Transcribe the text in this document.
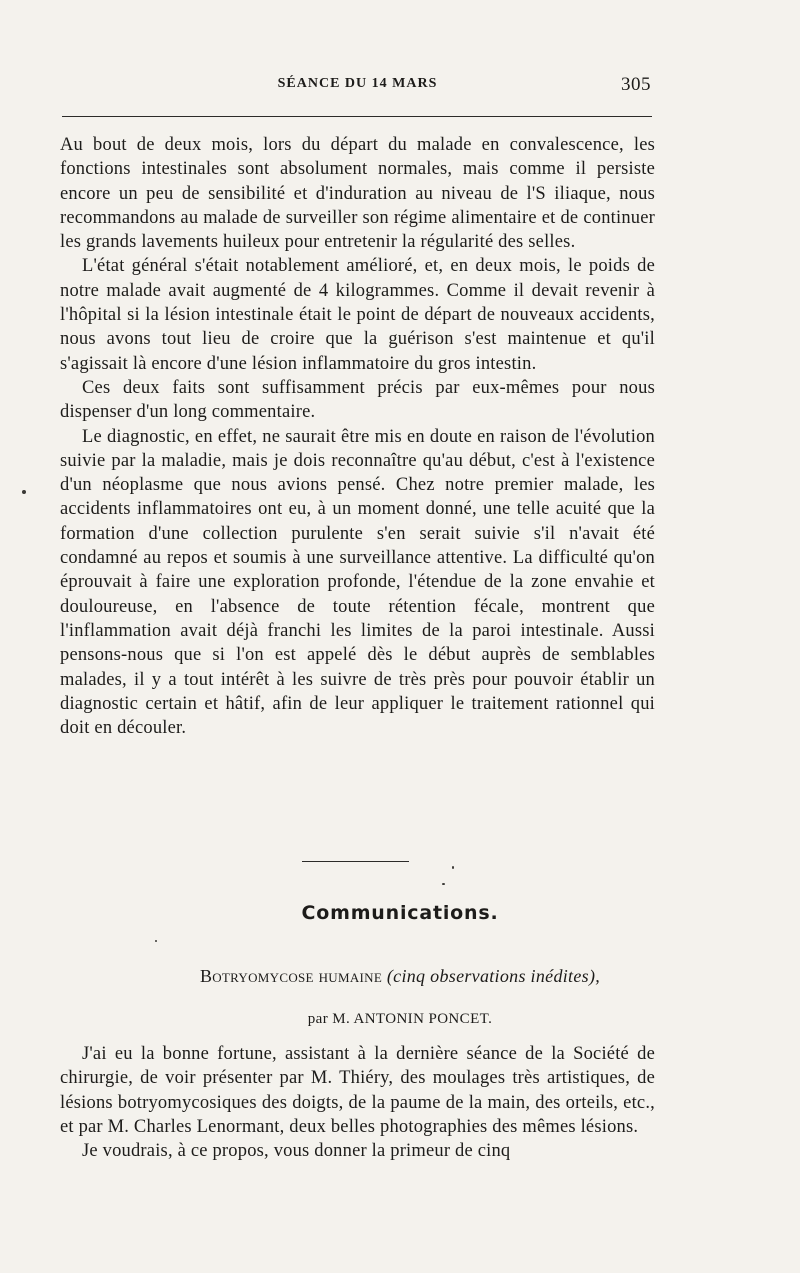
SÉANCE DU 14 MARS	305

Au bout de deux mois, lors du départ du malade en convalescence, les fonctions intestinales sont absolument normales, mais comme il persiste encore un peu de sensibilité et d'induration au niveau de l'S iliaque, nous recommandons au malade de surveiller son régime alimentaire et de continuer les grands lavements huileux pour entretenir la régularité des selles.

L'état général s'était notablement amélioré, et, en deux mois, le poids de notre malade avait augmenté de 4 kilogrammes. Comme il devait revenir à l'hôpital si la lésion intestinale était le point de départ de nouveaux accidents, nous avons tout lieu de croire que la guérison s'est maintenue et qu'il s'agissait là encore d'une lésion inflammatoire du gros intestin.

Ces deux faits sont suffisamment précis par eux-mêmes pour nous dispenser d'un long commentaire.

Le diagnostic, en effet, ne saurait être mis en doute en raison de l'évolution suivie par la maladie, mais je dois reconnaître qu'au début, c'est à l'existence d'un néoplasme que nous avions pensé. Chez notre premier malade, les accidents inflammatoires ont eu, à un moment donné, une telle acuité que la formation d'une collection purulente s'en serait suivie s'il n'avait été condamné au repos et soumis à une surveillance attentive. La difficulté qu'on éprouvait à faire une exploration profonde, l'étendue de la zone envahie et douloureuse, en l'absence de toute rétention fécale, montrent que l'inflammation avait déjà franchi les limites de la paroi intestinale. Aussi pensons-nous que si l'on est appelé dès le début auprès de semblables malades, il y a tout intérêt à les suivre de très près pour pouvoir établir un diagnostic certain et hâtif, afin de leur appliquer le traitement rationnel qui doit en découler.

Communications.
Botryomycose humaine (cinq observations inédites),
par M. ANTONIN PONCET.

J'ai eu la bonne fortune, assistant à la dernière séance de la Société de chirurgie, de voir présenter par M. Thiéry, des moulages très artistiques, de lésions botryomycosiques des doigts, de la paume de la main, des orteils, etc., et par M. Charles Lenormant, deux belles photographies des mêmes lésions.

Je voudrais, à ce propos, vous donner la primeur de cinq
